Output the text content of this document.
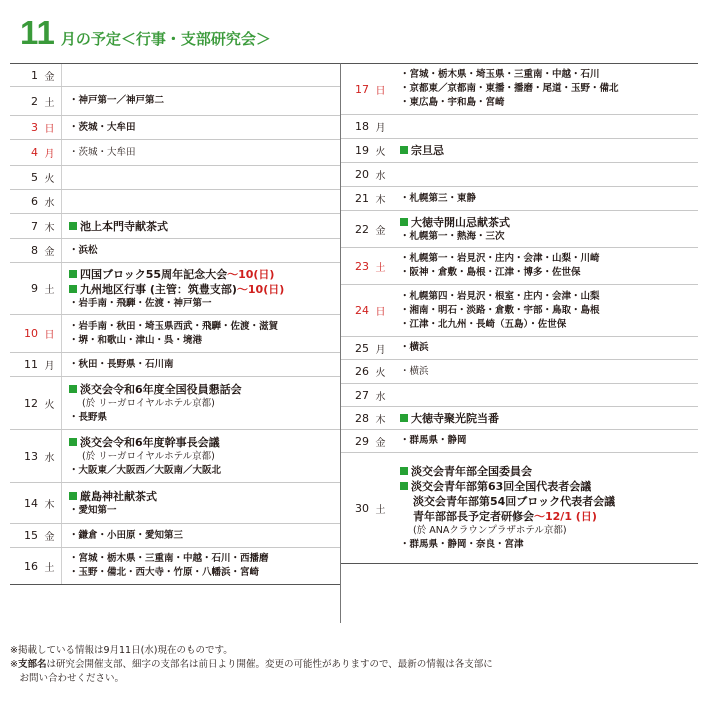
11 月の予定＜行事・支部研究会＞
1 金
2 土	・神戸第一／神戸第二
3 日	・茨城・大牟田
4 月	・茨城・大牟田
5 火
6 水
7 木	池上本門寺献茶式
8 金	・浜松
9 土
四国ブロック55周年記念大会～10(日)
九州地区行事 (主管：筑豊支部)～10(日)
・岩手南・飛騨・佐渡・神戸第一
10 日
・岩手南・秋田・埼玉県西武・飛騨・佐渡・滋賀
・堺・和歌山・津山・呉・境港
11 月	・秋田・長野県・石川南
12 火
淡交会令和6年度全国役員懇話会
(於 リーガロイヤルホテル京都)
・長野県
13 水
淡交会令和6年度幹事長会議
(於 リーガロイヤルホテル京都)
・大阪東／大阪西／大阪南／大阪北
14 木
厳島神社献茶式
・愛知第一
15 金	・鎌倉・小田原・愛知第三
16 土
・宮城・栃木県・三重南・中越・石川・西播磨
・玉野・備北・西大寺・竹原・八幡浜・宮崎
17 日
・宮城・栃木県・埼玉県・三重南・中越・石川
・京都東／京都南・東播・播磨・尾道・玉野・備北
・東広島・宇和島・宮崎
18 月
19 火	宗旦忌
20 水
21 木	・札幌第三・東静
22 金
大徳寺開山忌献茶式
・札幌第一・熱海・三次
23 土
・札幌第一・岩見沢・庄内・会津・山梨・川崎
・阪神・倉敷・島根・江津・博多・佐世保
24 日
・札幌第四・岩見沢・根室・庄内・会津・山梨
・湘南・明石・淡路・倉敷・宇部・鳥取・島根
・江津・北九州・長崎（五島）・佐世保
25 月	・横浜
26 火	・横浜
27 水
28 木	大徳寺聚光院当番
29 金	・群馬県・静岡
30 土
淡交会青年部全国委員会
淡交会青年部第63回全国代表者会議
淡交会青年部第54回ブロック代表者会議
青年部部長予定者研修会～12/1 (日)
(於 ANAクラウンプラザホテル京都)
・群馬県・静岡・奈良・宮津
※掲載している情報は9月11日(水)現在のものです。
※支部名は研究会開催支部、細字の支部名は前日より開催。変更の可能性がありますので、最新の情報は各支部に
　お問い合わせください。
